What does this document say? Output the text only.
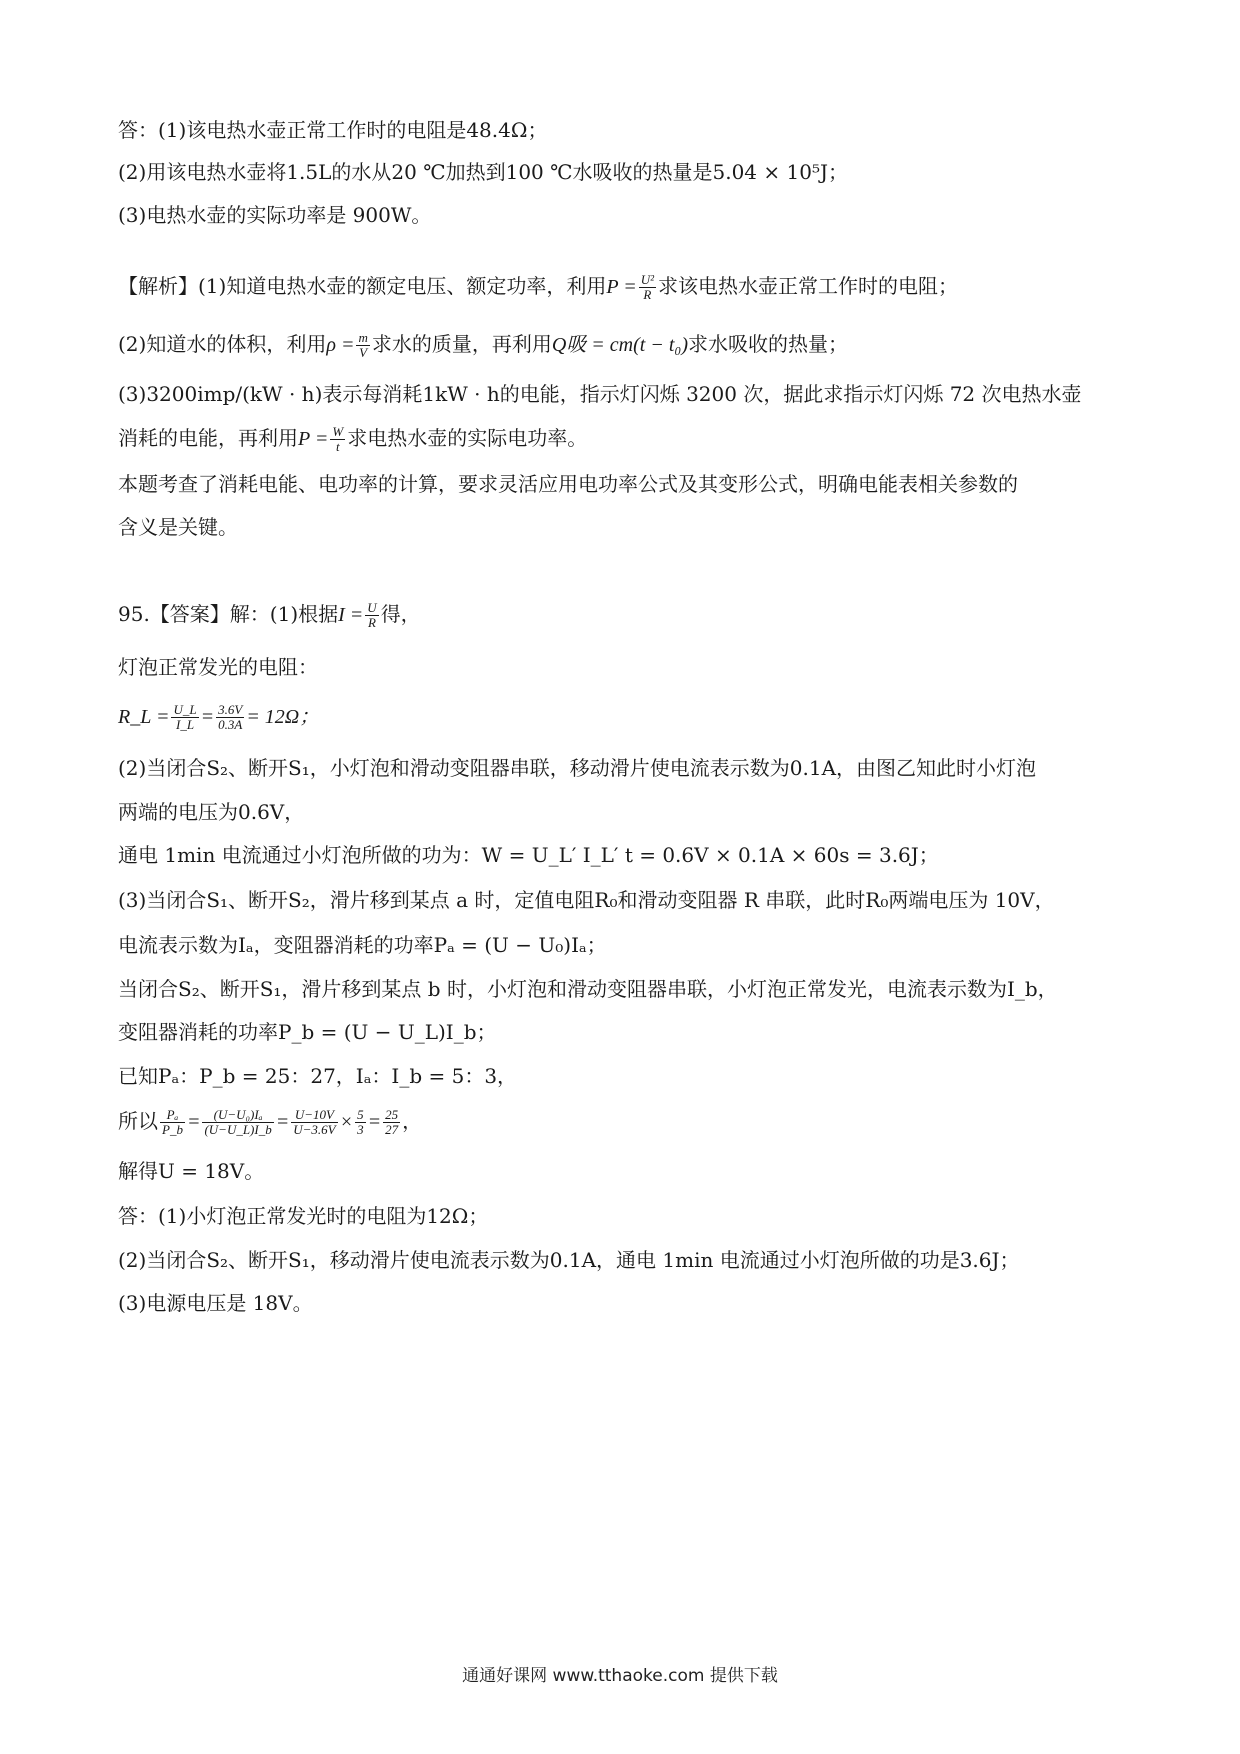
答：(1)该电热水壶正常工作时的电阻是48.4Ω；
(2)用该电热水壶将1.5L的水从20 ℃加热到100 ℃水吸收的热量是5.04 × 10⁵J；
(3)电热水壶的实际功率是 900W。
【解析】(1)知道电热水壶的额定电压、额定功率，利用$P = \frac{\text{U²}}{R}$ 求该电热水壶正常工作时的电阻；
(2)知道水的体积，利用$\rho = \frac{m}{V}$ 求水的质量，再利用Q吸 = cm(t − t₀)求水吸收的热量；
(3)3200imp/(kW · h)表示每消耗1kW · h的电能，指示灯闪烁 3200 次，据此求指示灯闪烁 72 次电热水壶
消耗的电能，再利用$P = \frac{W}{t}$ 求电热水壶的实际电功率。
本题考查了消耗电能、电功率的计算，要求灵活应用电功率公式及其变形公式，明确电能表相关参数的
含义是关键。
95.【答案】解：(1)根据$I = \frac{U}{R}$ 得，
灯泡正常发光的电阻：
R_L = $\frac{U\_L}{I\_L} = \frac{3.6V}{0.3A} = 12\Omega$；
(2)当闭合S₂、断开S₁，小灯泡和滑动变阻器串联，移动滑片使电流表示数为0.1A，由图乙知此时小灯泡
两端的电压为0.6V，
通电 1min 电流通过小灯泡所做的功为：W = U_L′ I_L′ t = 0.6V × 0.1A × 60s = 3.6J；
(3)当闭合S₁、断开S₂，滑片移到某点 a 时，定值电阻R₀和滑动变阻器 R 串联，此时R₀两端电压为 10V，
电流表示数为Iₐ，变阻器消耗的功率Pₐ = (U − U₀)Iₐ；
当闭合S₂、断开S₁，滑片移到某点 b 时，小灯泡和滑动变阻器串联，小灯泡正常发光，电流表示数为I_b，
变阻器消耗的功率P_b = (U − U_L)I_b；
已知Pₐ：P_b = 25：27，Iₐ：I_b = 5：3，
所以 $\frac{\text{Pₐ}}{P\_b} = \frac{\text{(U−U₀)Iₐ}}{(U-U\_L)I\_b} = \frac{U-10V}{U-3.6V} \times \frac{5}{3} = \frac{25}{27}$ ，
解得U = 18V。
答：(1)小灯泡正常发光时的电阻为12Ω；
(2)当闭合S₂、断开S₁，移动滑片使电流表示数为0.1A，通电 1min 电流通过小灯泡所做的功是3.6J；
(3)电源电压是 18V。
通通好课网 www.tthaoke.com 提供下载
